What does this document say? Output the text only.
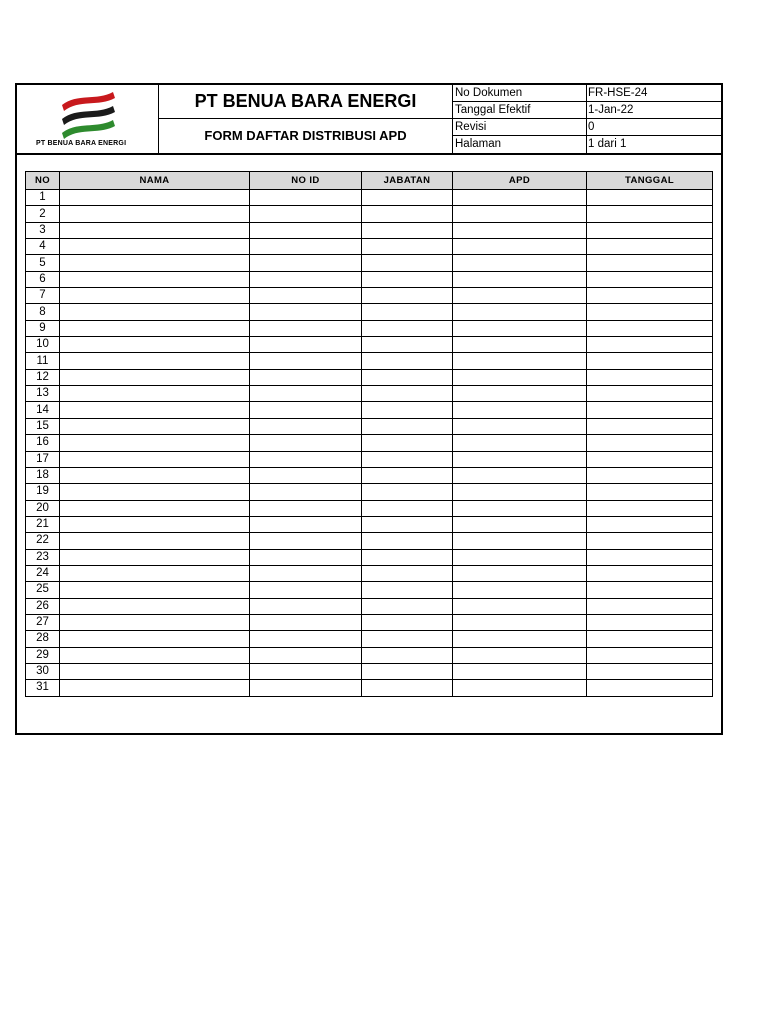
PT BENUA BARA ENERGI
PT BENUA BARA ENERGI
FORM DAFTAR DISTRIBUSI APD
No Dokumen	FR-HSE-24
Tanggal Efektif	1-Jan-22
Revisi	0
Halaman	1 dari 1
NO	NAMA	NO ID	JABATAN	APD	TANGGAL
1					
2					
3					
4					
5					
6					
7					
8					
9					
10					
11					
12					
13					
14					
15					
16					
17					
18					
19					
20					
21					
22					
23					
24					
25					
26					
27					
28					
29					
30					
31					
